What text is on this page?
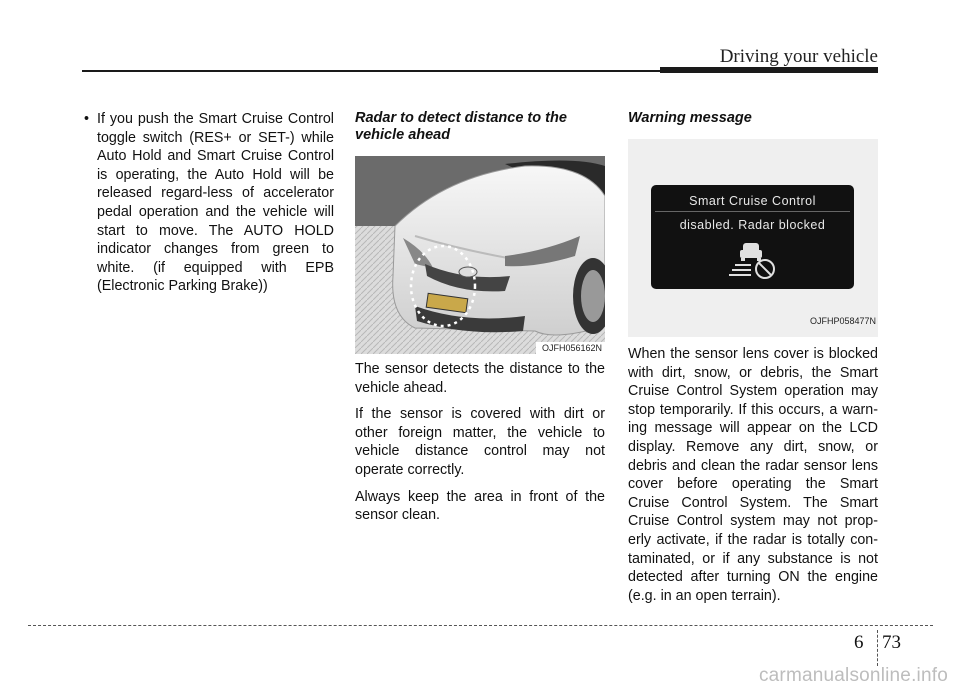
Driving your vehicle
• If you push the Smart Cruise Control toggle switch (RES+ or SET-) while Auto Hold and Smart Cruise Control is operating, the Auto Hold will be released regard-less of accelerator pedal operation and the vehicle will start to move. The AUTO HOLD indicator changes from green to white. (if equipped with EPB (Electronic Parking Brake))
Radar to detect distance to the vehicle ahead
OJFH056162N

The sensor detects the distance to the vehicle ahead.

If the sensor is covered with dirt or other foreign matter, the vehicle to vehicle distance control may not operate correctly.

Always keep the area in front of the sensor clean.

Warning message
Smart Cruise Control
disabled. Radar blocked
OJFHP058477N

When the sensor lens cover is blocked with dirt, snow, or debris, the Smart Cruise Control System operation may stop temporarily. If this occurs, a warn-ing message will appear on the LCD display. Remove any dirt, snow, or debris and clean the radar sensor lens cover before operating the Smart Cruise Control System. The Smart Cruise Control system may not prop-erly activate, if the radar is totally con-taminated, or if any substance is not detected after turning ON the engine (e.g. in an open terrain).

6 73
carmanualsonline.info
